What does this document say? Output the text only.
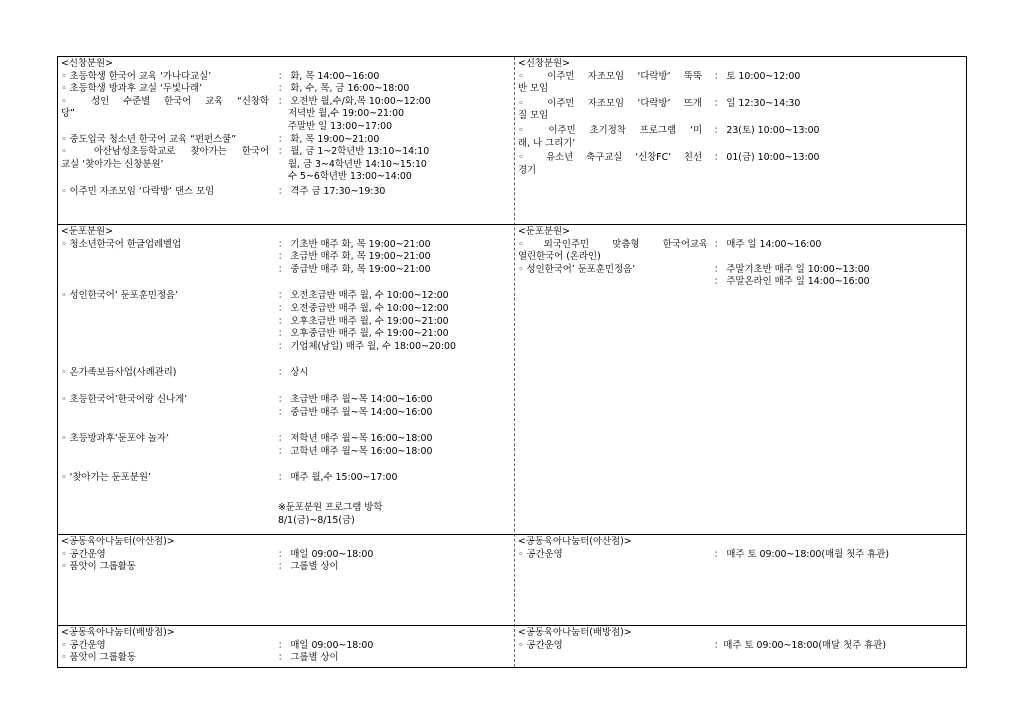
<신창분원>
◦ 초등학생 한국어 교육 ‘가나다교실’	： 화, 목 14:00~16:00
◦ 초등학생 방과후 교실 ‘두빛나래’	： 화, 수, 목, 금 16:00~18:00
◦ 성인 수준별 한국어 교육 “신창학
당”
： 오전반 월,수/화,목 10:00~12:00
저녁반 월,수 19:00~21:00
주말반 일 13:00~17:00
◦ 중도입국 청소년 한국어 교육 “펀펀스쿨”	： 화, 목 19:00~21:00
◦ 아산남성초등학교로 찾아가는 한국어
교실 ‘찾아가는 신창분원’
： 월, 금 1~2학년반 13:10~14:10
월, 금 3~4학년반 14:10~15:10
수 5~6학년반 13:00~14:00
◦ 이주민 자조모임 ‘다락방’ 댄스 모임	： 격주 금 17:30~19:30
<신창분원>
◦ 이주민 자조모임 ‘다락방’ 뚝뚝
반 모임
： 토 10:00~12:00
◦ 이주민 자조모임 ‘다락방’ 뜨개
질 모임
： 일 12:30~14:30
◦ 이주민 초기정착 프로그램 ‘미
래, 나 그리기’
： 23(토) 10:00~13:00
◦ 유소년 축구교실 ‘신창FC’ 친선
경기
： 01(금) 10:00~13:00
<둔포분원>
◦ 청소년한국어 한글업레벨업	： 기초반 매주 화, 목 19:00~21:00
： 초급반 매주 화, 목 19:00~21:00
： 중급반 매주 화, 목 19:00~21:00
◦ 성인한국어’ 둔포훈민정음’	： 오전초급반 매주 월, 수 10:00~12:00
： 오전중급반 매주 월, 수 10:00~12:00
： 오후초급반 매주 월, 수 19:00~21:00
： 오후중급반 매주 월, 수 19:00~21:00
： 기업체(남일) 매주 월, 수 18:00~20:00
◦ 온가족보듬사업(사례관리)	： 상시
◦ 초등한국어’한국어랑 신나게’	： 초급반 매주 월~목 14:00~16:00
： 중급반 매주 월~목 14:00~16:00
◦ 초등방과후’둔포야 놀자’	： 저학년 매주 월~목 16:00~18:00
： 고학년 매주 월~목 16:00~18:00
◦ ‘찾아가는 둔포분원’	： 매주 월,수 15:00~17:00
※둔포분원 프로그램 방학
8/1(금)~8/15(금)
<둔포분원>
◦외국인주민 맞춤형 한국어교육
열린한국어 (온라인)
： 매주 일 14:00~16:00
◦ 성인한국어’ 둔포훈민정음’	： 주말기초반 매주 일 10:00~13:00
： 주말온라인 매주 일 14:00~16:00
<공동육아나눔터(아산점)>
◦ 공간운영	： 매일 09:00~18:00
◦ 품앗이 그룹활동	： 그룹별 상이
<공동육아나눔터(아산점)>
◦ 공간운영	： 매주 토 09:00~18:00(매월 첫주 휴관)
<공동육아나눔터(배방점)>
◦ 공간운영	： 매일 09:00~18:00
◦ 품앗이 그룹활동	： 그룹별 상이
<공동육아나눔터(배방점)>
◦ 공간운영	：매주 토 09:00~18:00(매달 첫주 휴관)
